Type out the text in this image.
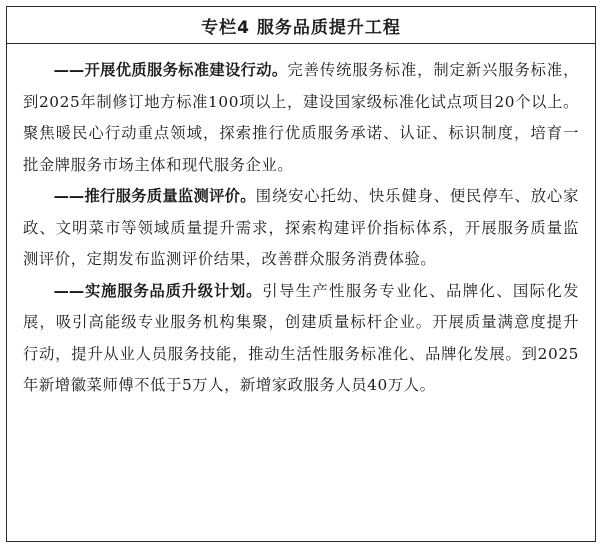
专栏4 服务品质提升工程

——开展优质服务标准建设行动。完善传统服务标准，制定新兴服务标准，到2025年制修订地方标准100项以上，建设国家级标准化试点项目20个以上。聚焦暖民心行动重点领域，探索推行优质服务承诺、认证、标识制度，培育一批金牌服务市场主体和现代服务企业。

——推行服务质量监测评价。围绕安心托幼、快乐健身、便民停车、放心家政、文明菜市等领域质量提升需求，探索构建评价指标体系，开展服务质量监测评价，定期发布监测评价结果，改善群众服务消费体验。

——实施服务品质升级计划。引导生产性服务专业化、品牌化、国际化发展，吸引高能级专业服务机构集聚，创建质量标杆企业。开展质量满意度提升行动，提升从业人员服务技能，推动生活性服务标准化、品牌化发展。到2025年新增徽菜师傅不低于5万人，新增家政服务人员40万人。
